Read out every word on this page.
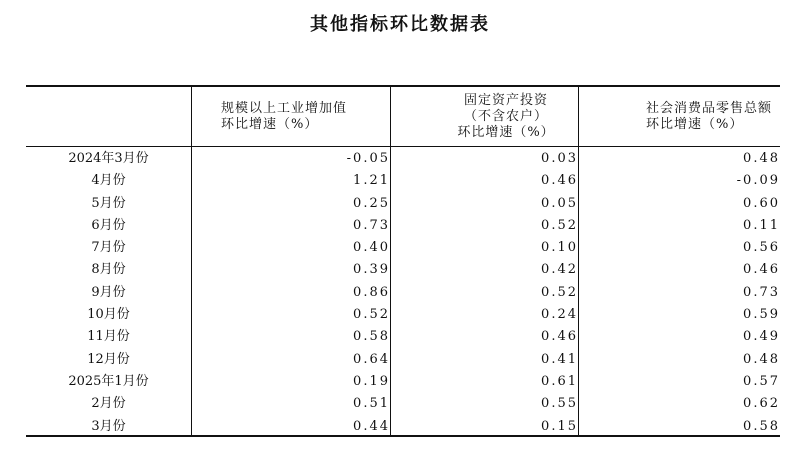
其他指标环比数据表
规模以上工业增加值
环比增速（%）
固定资产投资
（不含农户）
环比增速（%）
社会消费品零售总额
环比增速（%）
2024年3月份	-0.05	0.03	0.48
4月份	1.21	0.46	-0.09
5月份	0.25	0.05	0.60
6月份	0.73	0.52	0.11
7月份	0.40	0.10	0.56
8月份	0.39	0.42	0.46
9月份	0.86	0.52	0.73
10月份	0.52	0.24	0.59
11月份	0.58	0.46	0.49
12月份	0.64	0.41	0.48
2025年1月份	0.19	0.61	0.57
2月份	0.51	0.55	0.62
3月份	0.44	0.15	0.58
